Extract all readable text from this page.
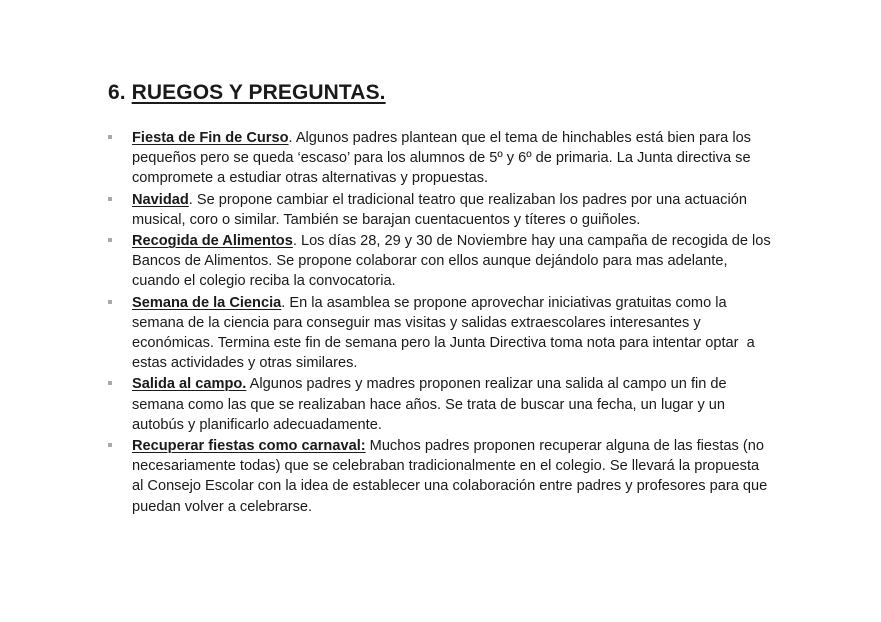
6. RUEGOS Y PREGUNTAS.
Fiesta de Fin de Curso. Algunos padres plantean que el tema de hinchables está bien para los pequeños pero se queda ‘escaso’ para los alumnos de 5º y 6º de primaria. La Junta directiva se compromete a estudiar otras alternativas y propuestas.
Navidad. Se propone cambiar el tradicional teatro que realizaban los padres por una actuación musical, coro o similar. También se barajan cuentacuentos y títeres o guiñoles.
Recogida de Alimentos. Los días 28, 29 y 30 de Noviembre hay una campaña de recogida de los Bancos de Alimentos. Se propone colaborar con ellos aunque dejándolo para mas adelante, cuando el colegio reciba la convocatoria.
Semana de la Ciencia. En la asamblea se propone aprovechar iniciativas gratuitas como la semana de la ciencia para conseguir mas visitas y salidas extraescolares interesantes y económicas. Termina este fin de semana pero la Junta Directiva toma nota para intentar optar  a estas actividades y otras similares.
Salida al campo. Algunos padres y madres proponen realizar una salida al campo un fin de semana como las que se realizaban hace años. Se trata de buscar una fecha, un lugar y un autobús y planificarlo adecuadamente.
Recuperar fiestas como carnaval: Muchos padres proponen recuperar alguna de las fiestas (no necesariamente todas) que se celebraban tradicionalmente en el colegio. Se llevará la propuesta al Consejo Escolar con la idea de establecer una colaboración entre padres y profesores para que puedan volver a celebrarse.
